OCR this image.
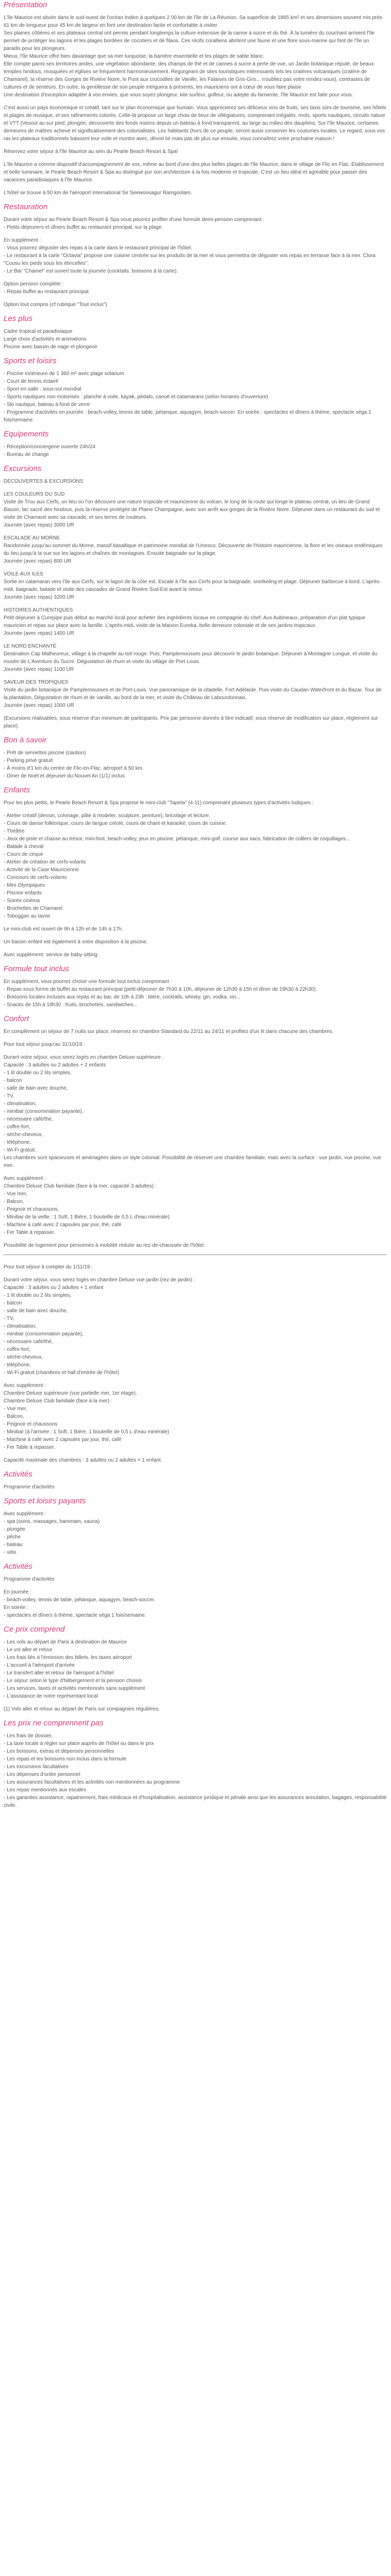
Présentation
L'île Maurice est située dans le sud-ouest de l'océan Indien à quelques 2 00 km de l'île de La Réunion. Sa superficie de 1865 km² et ses dimensions souvent mis près 61 km de longueur pour 45 km de largeur en font une destination facile et confortable à visiter.
Ses plaines côtières et ses plateaux central ont permis pendant longtemps la culture extensive de la canne à sucre et du thé. À la lumière du couchant arrivent l'île permet de protéger les lagons et les plages bordées de cocotiers et de filaos. Ces récifs coralliens abritent une faune et une flore sous-marine qui font de l'île un paradis pour les plongeurs.
Mieux, l'île Maurice offre bien davantage que sa mer turquoise, la barrière essentielle et les plages de sable blanc.
Elle compte parmi ses territoires arides, une végétation abondante, des champs de thé et de cannes à sucre à perte de vue, un Jardin botanique réputé, de beaux temples hindous, mosquées et églises se fréquentent harmonieusement. Regorgeant de sites touristiques intéressants tels les cratères volcaniques (cratère de Chamarel), la réserve des Gorges de Rivière Noire, le Pont aux crocodiles de Vanille, les Falaises de Gris-Gris... n'oubliez pas votre rendez-vous), contrastes de cultures et de senteurs. En outre, la gentillesse de son peuple intriguera à présents, les mauriciens ont à cœur de vous faire plaisir.
Une destination d'exception adaptée à vos envies, que vous soyez plongeur, kite surfeur, golfeur, ou adepte du farniente, l'île Maurice est faite pour vous.
C'est aussi un pays économique et créatif, tant sur le plan économique que humain. Vous apprécierez ses délicieux vins de fruits, ses taxis sûrs de tourisme, ses hôtels et plages de musique, et ses rafinements colorés. Celle-là propose un large choix de lieux de villégiatures, comprenant inégalés, mots, sports nautiques, circuits nature et VTT (Vesoul au sur pied, plongée, découverte des fonds marins depuis un bateau à fond transparent, au large au milieu des dauphins, Sur l'île Maurice, certaines demeures de maîtres achevé et significativement des colonialistes. Les habitants (hors de ce peuple, seront aussi conserver les coutumes locales. Le regard, sous vos ras les plateaux traditionnels baissent leur voile et montre avec, dévoit lié mais pas de plus sur ensuite, vous connaîtrez votre prochaine maison !
Réservez votre séjour à l'île Maurice au sein du Pearle Beach Resort & Spa!
L'île Maurice a comme dispositif d'accompagnement de vos, même au bord d'une des plus belles plages de l'île Maurice, dans le village de Flic en Flac. Établissement et belle luminaire, le Pearle Beach Resort & Spa au distingué pur son architecture à la fois moderne et tropicale. C'est un lieu idéal et agréable pour passer des vacances paradisiaques à l'île Maurice.
L'hôtel se trouve à 50 km de l'aéroport international Sir Seewoosagur Ramgoolam.
Restauration
Durant votre séjour au Pearle Beach Resort & Spa vous pourrez profiter d'une formule demi-pension comprenant :
- Petits déjeuners et dîners buffet au restaurant principal, sur la plage.
En supplément :
- Vous pourrez déguster des repas à la carte dans le restaurant principal de l'hôtel.
- Le restaurant à la carte "Octavia" propose une cuisine centrée sur les produits de la mer et vous permettra de déguster vos repas en terrasse face à la mer. Clora "Cousu les pieds sous les étincelles".
- Le Bar "Chamel" est ouvert toute la journée (cocktails, boissons à la carte).
Option pension complète :
- Repas buffet au restaurant principal.
Option tout compris (cf rubrique "Tout inclus")
Les plus
Cadre tropical et paradisiaque
Large choix d'activités et animations
Piscine avec bassin de nage et plongeoir
Sports et loisirs
- Piscine extérieure de 1 360 m² avec plage solarium
- Court de tennis éclairé
- Sport en salle : sous-sol mondial
- Sports nautiques non motorisés : planche à voile, kayak, pédalo, canoë et catamarans (selon horaires d'ouverture)
- Ski nautique, bateau à fond de verre
- Programme d'activités en journée : beach-volley, tennis de table, pétanque, aquagym, beach-soccer. En soirée : spectacles et dîners à thème, spectacle séga 1 fois/semaine.
Equipements
- Réception/conciergerie ouverte 24h/24
- Bureau de change
Excursions
DÉCOUVERTES & EXCURSIONS
LES COULEURS DU SUD
Visite de Trou aux Cerfs, un lieu où l'on découvre une nature tropicale et mauricienne du volcan, le long de la route qui longe le plateau central, un lieu de Grand Bassin, lac sacré des hindous, puis la réserve protégée de Plaine Champagne, avec son arrêt aux gorges de la Rivière Noire. Déjeuner dans un restaurant du sud et visite de Chamarel avec sa cascade, et ses terres de couleurs.
Journée (avec repas) 3000 UR
ESCALADE AU MORNE
Randonnée jusqu'au sommet du Morne, massif basaltique et patrimoine mondial de l'Unesco. Découverte de l'histoire mauricienne, la flore et les oiseaux endémiques du lieu jusqu'à la vue sur les lagons et chaînes de montagnes. Ensuite baignade sur la plage.
Journée (avec repas) 800 UR
VOILE AUX ILES
Sortie en catamaran vers l'île aux Cerfs, sur le lagon de la côte est. Escale à l'île aux Cerfs pour la baignade, snorkeling et plage. Déjeuner barbecue à bord. L'après-midi, baignade, balade et visite des cascades de Grand Rivière Sud-Est avant le retour.
Journée (avec repas) 3200 UR
HISTOIRES AUTHENTIQUES
Petit déjeuner à Curepipe puis début au marché local pour acheter des ingrédients locaux en compagnie du chef. Aux Aubineaux, préparation d'un plat typique mauricien et repas sur place avec la famille. L'après-midi, visite de la Maison Eureka, belle demeure coloniale et de ses jardins tropicaux.
Journée (avec repas) 1400 UR
LE NORD ENCHANTÉ
Destination Cap Malheureux, village à la chapelle au toit rouge. Puis, Pamplemousses pour découvrir le jardin botanique. Déjeuner à Montagne Longue, et visite du musée de L'Aventure du Sucre. Dégustation de rhum et visite du village de Port Louis.
Journée (avec repas) 1100 UR
SAVEUR DES TROPIQUES
Visite du jardin botanique de Pamplemousses et de Port-Louis. Vue panoramique de la citadelle, Fort Adélaïde. Puis visite du Caudan Waterfront et du Bazar. Tour de la plantation, Dégustation de rhum et de vanille, au bord de la mer, et visite du Château de Labourdonnais.
Journée (avec repas) 1000 UR
(Excursions réalisables, sous réserve d'un minimum de participants. Prix par personne donnés à titre indicatif, sous réserve de modification sur place, règlement sur place).
Bon à savoir
- Prêt de serviettes piscine (caution)
- Parking privé gratuit
- À moins d'1 km du centre de Flic-en-Flac, aéroport à 50 km.
- Dîner de Noël et déjeuner du Nouvel An (1/1) inclus
Enfants
Pour les plus petits, le Pearle Beach Resort & Spa propose le mini-club "Tapeta" (4-11) comprenant plusieurs types d'activités ludiques :
- Atelier créatif (dessin, coloriage, pâte à modeler, sculpture, peinture), bricolage et lecture.
- Cours de danse folklorique, cours de langue créole, cours de chant et karaoké, cours de cuisine.
- Théâtre
- Jeux de piste et chasse au trésor, mini-foot, beach-volley, jeux en piscine, pétanque, mini-golf, course aux sacs, fabrication de colliers de coquillages...
- Balade à cheval
- Cours de cirque
- Atelier de création de cerfs-volants
- Activité de la Case Mauricienne
- Concours de cerfs-volants
- Mini Olympiques
- Piscine enfants
- Soirée cinéma
- Brochettes de Chamarel
- Toboggan au lavoir
Le mini-club est ouvert de 9h à 12h et de 14h à 17h.
Un bassin enfant est également à votre disposition à la piscine.
Avec supplément: service de baby-sitting.
Formule tout inclus
En supplément, vous pourrez choisir une formule tout inclus comprenant :
- Repas sous forme de buffet au restaurant principal (petit-déjeuner de 7h30 à 10h, déjeuner de 12h30 à 15h et dîner de 19h30 à 22h30).
- Boissons locales incluses aux repas et au bar, de 10h à 23h : bière, cocktails, whisky, gin, vodka, vin...
- Snacks de 15h à 18h30 : fruits, brochettes, sandwiches...
Confort
En complément un séjour de 7 nuits sur place, réservez en chambre Standard du 22/11 au 24/11 et profitez d'un lit dans chacune des chambres.
Pour tout séjour jusqu'au 31/10/19 :
Durant votre séjour, vous serez logés en chambre Deluxe supérieure :
Capacité : 3 adultes ou 2 adultes + 2 enfants
- 1 lit double ou 2 lits simples,
- balcon
- salle de bain avec douche,
- TV,
- climatisation,
- minibar (consommation payante),
- nécessaire café/thé,
- coffre-fort,
- sèche-cheveux,
- téléphone,
- Wi-Fi gratuit.
Les chambres sont spacieuses et aménagées dans un style colonial. Possibilité de réserver une chambre familiale, mais avec la surface : vue jardin, vue piscine, vue mer.
Avec supplément :
Chambre Deluxe Club familiale (face à la mer, capacité 3 adultes) :
- Vue mer,
- Balcon,
- Peignoir et chaussons,
- Minibar de la veille : 1 Soft, 1 Bière, 1 bouteille de 0,5 L d'eau minérale)
- Machine à café avec 2 capsules par jour, thé, café
- Fer Table à repasser.
Possibilité de logement pour personnes à mobilité réduite au rez-de-chaussée de l'hôtel.
Pour tout séjour à compter du 1/11/19 :
Durant votre séjour, vous serez logés en chambre Deluxe vue jardin (rez de jardin) :
Capacité : 3 adultes ou 2 adultes + 1 enfant
- 1 lit double ou 2 lits simples,
- balcon
- salle de bain avec douche,
- TV,
- climatisation,
- minibar (consommation payante),
- nécessaire café/thé,
- coffre-fort,
- sèche-cheveux,
- téléphone,
- Wi-Fi gratuit (chambres et hall d'entrée de l'hôtel)
Avec supplément :
Chambre Deluxe supérieure (vue partielle mer, 1er étage),
Chambre Deluxe Club familiale (face à la mer) :
- Vue mer,
- Balcon,
- Peignoir et chaussons
- Minibar (à l'arrivée : 1 Soft, 1 Bière, 1 bouteille de 0,5 L d'eau minérale)
- Machine à café avec 2 capsules par jour, thé, café
- Fer Table à repasser.
Capacité maximale des chambres : 3 adultes ou 2 adultes + 1 enfant.
Activités
Programme d'activités
Sports et loisirs payants
Avec supplément :
- spa (soins, massages, hammam, sauna)
- plongée
- pêche
- bateau
- vélo
Activités
Programme d'activités
En journée :
- beach-volley, tennis de table, pétanque, aquagym, beach-soccer.
En soirée :
- spectacles et dîners à thème, spectacle séga 1 fois/semaine.
Ce prix comprend
- Les vols au départ de Paris à destination de Maurice
- Le vol aller et retour
- Les frais liés à l'émission des billets, les taxes aéroport
- L'accueil à l'aéroport d'arrivée
- Le transfert aller et retour de l'aéroport à l'hôtel
- Le séjour selon le type d'hébergement et la pension choisis
- Les services, taxes et activités mentionnés sans supplément
- L'assistance de notre représentant local
(1) Vols aller et retour au départ de Paris sur compagnies régulières.
Les prix ne comprennent pas
- Les frais de dossier,
- La taxe locale à régler sur place auprès de l'hôtel ou dans le prix
- Les boissons, extras et dépenses personnelles
- Les repas et les boissons non inclus dans la formule
- Les excursions facultatives
- Les dépenses d'ordre personnel
- Les assurances facultatives et les activités non mentionnées au programme
- Les repas mentionnés aux escales
- Les garanties assistance, rapatriement, frais médicaux et d'hospitalisation, assistance juridique et pénale ainsi que les assurances annulation, bagages, responsabilité civile.
